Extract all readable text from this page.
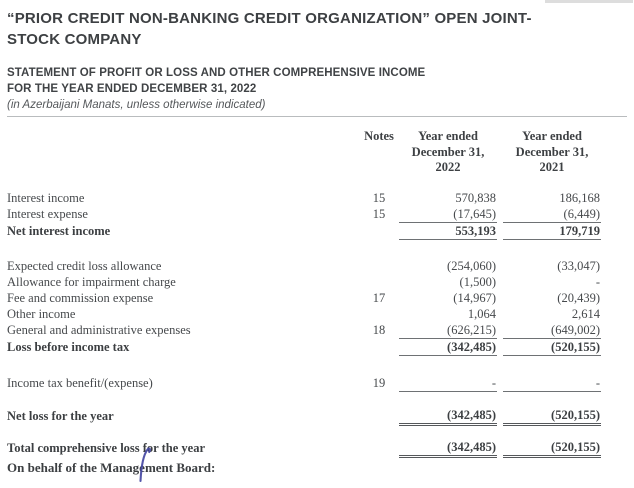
“PRIOR CREDIT NON-BANKING CREDIT ORGANIZATION” OPEN JOINT-
STOCK COMPANY
STATEMENT OF PROFIT OR LOSS AND OTHER COMPREHENSIVE INCOME
FOR THE YEAR ENDED DECEMBER 31, 2022
(in Azerbaijani Manats, unless otherwise indicated)
	Notes	Year ended
December 31,
2022

Year ended
December 31,
2021

Interest income	15	570,838		186,168
Interest expense	15	(17,645)		(6,449)
Net interest income		553,193		179,719

Expected credit loss allowance		(254,060)		(33,047)
Allowance for impairment charge		(1,500)		-
Fee and commission expense	17	(14,967)		(20,439)
Other income		1,064		2,614
General and administrative expenses	18	(626,215)		(649,002)
Loss before income tax		(342,485)		(520,155)

Income tax benefit/(expense)	19	-		-

Net loss for the year		(342,485)		(520,155)

Total comprehensive loss for the year		(342,485)		(520,155)
On behalf of the Management Board:
